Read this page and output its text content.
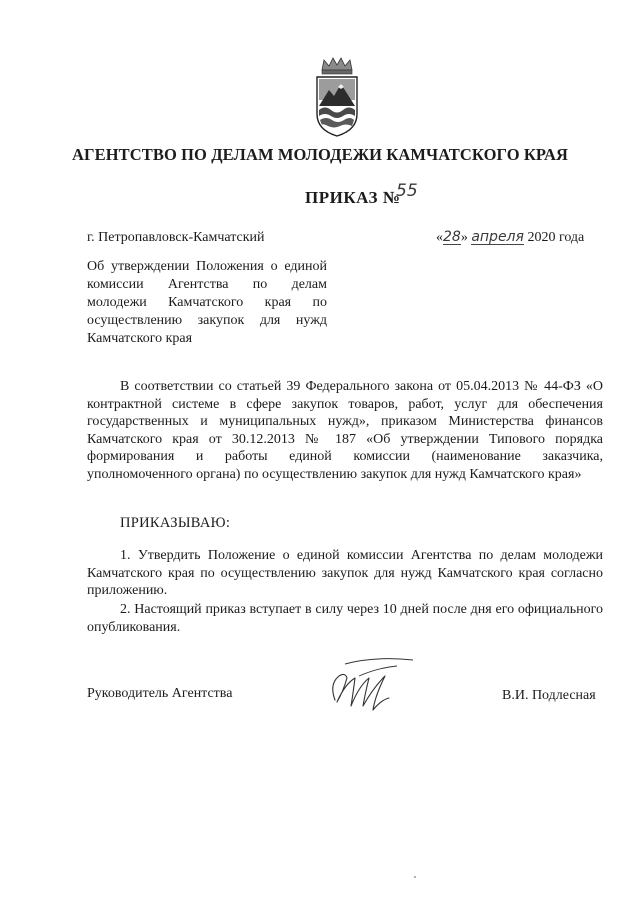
АГЕНТСТВО ПО ДЕЛАМ МОЛОДЕЖИ КАМЧАТСКОГО КРАЯ
ПРИКАЗ №
55
г. Петропавловск-Камчатский	«28» апреля 2020 года
Об утверждении Положения о единой комиссии Агентства по делам молодежи Камчатского края по осуществлению закупок для нужд Камчатского края
В соответствии со статьей 39 Федерального закона от 05.04.2013 № 44-ФЗ «О контрактной системе в сфере закупок товаров, работ, услуг для обеспечения государственных и муниципальных нужд», приказом Министерства финансов Камчатского края от 30.12.2013 № 187 «Об утверждении Типового порядка формирования и работы единой комиссии (наименование заказчика, уполномоченного органа) по осуществлению закупок для нужд Камчатского края»
ПРИКАЗЫВАЮ:
1. Утвердить Положение о единой комиссии Агентства по делам молодежи Камчатского края по осуществлению закупок для нужд Камчатского края согласно приложению.
2. Настоящий приказ вступает в силу через 10 дней после дня его официального опубликования.
Руководитель Агентства	В.И. Подлесная
